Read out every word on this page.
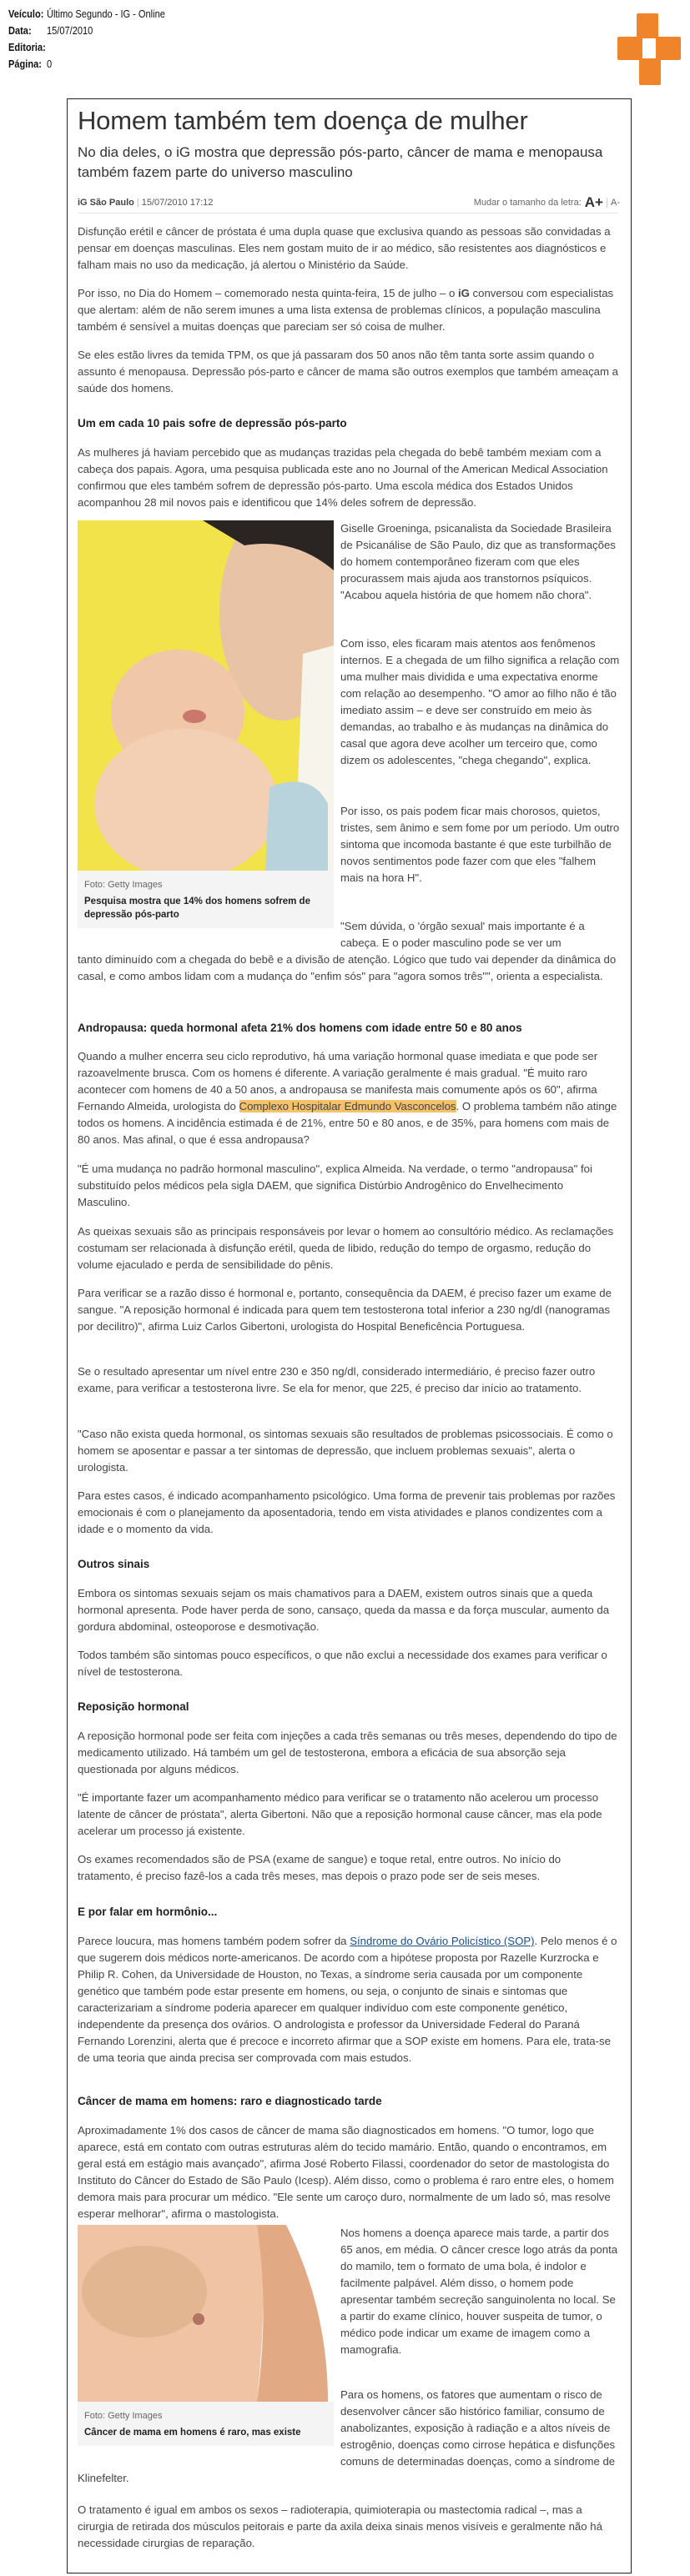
Veículo: Último Segundo - IG - Online
Data:	15/07/2010
Editoria:
Página: 0
Homem também tem doença de mulher
No dia deles, o iG mostra que depressão pós-parto, câncer de mama e menopausa também fazem parte do universo masculino
iG São Paulo | 15/07/2010 17:12	Mudar o tamanho da letra: A+ A-
Disfunção erétil e câncer de próstata é uma dupla quase que exclusiva quando as pessoas são convidadas a pensar em doenças masculinas. Eles nem gostam muito de ir ao médico, são resistentes aos diagnósticos e falham mais no uso da medicação, já alertou o Ministério da Saúde.
Por isso, no Dia do Homem – comemorado nesta quinta-feira, 15 de julho – o iG conversou com especialistas que alertam: além de não serem imunes a uma lista extensa de problemas clínicos, a população masculina também é sensível a muitas doenças que pareciam ser só coisa de mulher.
Se eles estão livres da temida TPM, os que já passaram dos 50 anos não têm tanta sorte assim quando o assunto é menopausa. Depressão pós-parto e câncer de mama são outros exemplos que também ameaçam a saúde dos homens.
Um em cada 10 pais sofre de depressão pós-parto
As mulheres já haviam percebido que as mudanças trazidas pela chegada do bebê também mexiam com a cabeça dos papais. Agora, uma pesquisa publicada este ano no Journal of the American Medical Association confirmou que eles também sofrem de depressão pós-parto. Uma escola médica dos Estados Unidos acompanhou 28 mil novos pais e identificou que 14% deles sofrem de depressão.
Foto: Getty Images
Pesquisa mostra que 14% dos homens sofrem de depressão pós-parto
Giselle Groeninga, psicanalista da Sociedade Brasileira de Psicanálise de São Paulo, diz que as transformações do homem contemporâneo fizeram com que eles procurassem mais ajuda aos transtornos psíquicos. "Acabou aquela história de que homem não chora".
Com isso, eles ficaram mais atentos aos fenômenos internos. E a chegada de um filho significa a relação com uma mulher mais dividida e uma expectativa enorme com relação ao desempenho. "O amor ao filho não é tão imediato assim – e deve ser construído em meio às demandas, ao trabalho e às mudanças na dinâmica do casal que agora deve acolher um terceiro que, como dizem os adolescentes, "chega chegando", explica.
Por isso, os pais podem ficar mais chorosos, quietos, tristes, sem ânimo e sem fome por um período. Um outro sintoma que incomoda bastante é que este turbilhão de novos sentimentos pode fazer com que eles "falhem mais na hora H".
"Sem dúvida, o 'órgão sexual' mais importante é a cabeça. E o poder masculino pode se ver um
tanto diminuído com a chegada do bebê e a divisão de atenção. Lógico que tudo vai depender da dinâmica do casal, e como ambos lidam com a mudança do "enfim sós" para "agora somos três"", orienta a especialista.
Andropausa: queda hormonal afeta 21% dos homens com idade entre 50 e 80 anos
Quando a mulher encerra seu ciclo reprodutivo, há uma variação hormonal quase imediata e que pode ser razoavelmente brusca. Com os homens é diferente. A variação geralmente é mais gradual. "É muito raro acontecer com homens de 40 a 50 anos, a andropausa se manifesta mais comumente após os 60", afirma Fernando Almeida, urologista do Complexo Hospitalar Edmundo Vasconcelos. O problema também não atinge todos os homens. A incidência estimada é de 21%, entre 50 e 80 anos, e de 35%, para homens com mais de 80 anos. Mas afinal, o que é essa andropausa?
"É uma mudança no padrão hormonal masculino", explica Almeida. Na verdade, o termo "andropausa" foi substituído pelos médicos pela sigla DAEM, que significa Distúrbio Androgênico do Envelhecimento Masculino.
As queixas sexuais são as principais responsáveis por levar o homem ao consultório médico. As reclamações costumam ser relacionada à disfunção erétil, queda de libido, redução do tempo de orgasmo, redução do volume ejaculado e perda de sensibilidade do pênis.
Para verificar se a razão disso é hormonal e, portanto, consequência da DAEM, é preciso fazer um exame de sangue. "A reposição hormonal é indicada para quem tem testosterona total inferior a 230 ng/dl (nanogramas por decilitro)", afirma Luiz Carlos Gibertoni, urologista do Hospital Beneficência Portuguesa.
Se o resultado apresentar um nível entre 230 e 350 ng/dl, considerado intermediário, é preciso fazer outro exame, para verificar a testosterona livre. Se ela for menor, que 225, é preciso dar início ao tratamento.
"Caso não exista queda hormonal, os sintomas sexuais são resultados de problemas psicossociais. É como o homem se aposentar e passar a ter sintomas de depressão, que incluem problemas sexuais", alerta o urologista.
Para estes casos, é indicado acompanhamento psicológico. Uma forma de prevenir tais problemas por razões emocionais é com o planejamento da aposentadoria, tendo em vista atividades e planos condizentes com a idade e o momento da vida.
Outros sinais
Embora os sintomas sexuais sejam os mais chamativos para a DAEM, existem outros sinais que a queda hormonal apresenta. Pode haver perda de sono, cansaço, queda da massa e da força muscular, aumento da gordura abdominal, osteoporose e desmotivação.
Todos também são sintomas pouco específicos, o que não exclui a necessidade dos exames para verificar o nível de testosterona.
Reposição hormonal
A reposição hormonal pode ser feita com injeções a cada três semanas ou três meses, dependendo do tipo de medicamento utilizado. Há também um gel de testosterona, embora a eficácia de sua absorção seja questionada por alguns médicos.
"É importante fazer um acompanhamento médico para verificar se o tratamento não acelerou um processo latente de câncer de próstata", alerta Gibertoni. Não que a reposição hormonal cause câncer, mas ela pode acelerar um processo já existente.
Os exames recomendados são de PSA (exame de sangue) e toque retal, entre outros. No início do tratamento, é preciso fazê-los a cada três meses, mas depois o prazo pode ser de seis meses.
E por falar em hormônio...
Parece loucura, mas homens também podem sofrer da Síndrome do Ovário Policístico (SOP). Pelo menos é o que sugerem dois médicos norte-americanos. De acordo com a hipótese proposta por Razelle Kurzrocka e Philip R. Cohen, da Universidade de Houston, no Texas, a síndrome seria causada por um componente genético que também pode estar presente em homens, ou seja, o conjunto de sinais e sintomas que caracterizariam a síndrome poderia aparecer em qualquer indivíduo com este componente genético, independente da presença dos ovários. O andrologista e professor da Universidade Federal do Paraná Fernando Lorenzini, alerta que é precoce e incorreto afirmar que a SOP existe em homens. Para ele, trata-se de uma teoria que ainda precisa ser comprovada com mais estudos.
Câncer de mama em homens: raro e diagnosticado tarde
Aproximadamente 1% dos casos de câncer de mama são diagnosticados em homens. "O tumor, logo que aparece, está em contato com outras estruturas além do tecido mamário. Então, quando o encontramos, em geral está em estágio mais avançado", afirma José Roberto Filassi, coordenador do setor de mastologista do Instituto do Câncer do Estado de São Paulo (Icesp). Além disso, como o problema é raro entre eles, o homem demora mais para procurar um médico. "Ele sente um caroço duro, normalmente de um lado só, mas resolve esperar melhorar", afirma o mastologista.
Foto: Getty Images
Câncer de mama em homens é raro, mas existe
Nos homens a doença aparece mais tarde, a partir dos 65 anos, em média. O câncer cresce logo atrás da ponta do mamilo, tem o formato de uma bola, é indolor e facilmente palpável. Além disso, o homem pode apresentar também secreção sanguinolenta no local. Se a partir do exame clínico, houver suspeita de tumor, o médico pode indicar um exame de imagem como a mamografia.
Para os homens, os fatores que aumentam o risco de desenvolver câncer são histórico familiar, consumo de anabolizantes, exposição à radiação e a altos níveis de estrogênio, doenças como cirrose hepática e disfunções comuns de determinadas doenças, como a síndrome de
Klinefelter.
O tratamento é igual em ambos os sexos – radioterapia, quimioterapia ou mastectomia radical –, mas a cirurgia de retirada dos músculos peitorais e parte da axila deixa sinais menos visíveis e geralmente não há necessidade cirurgias de reparação.
